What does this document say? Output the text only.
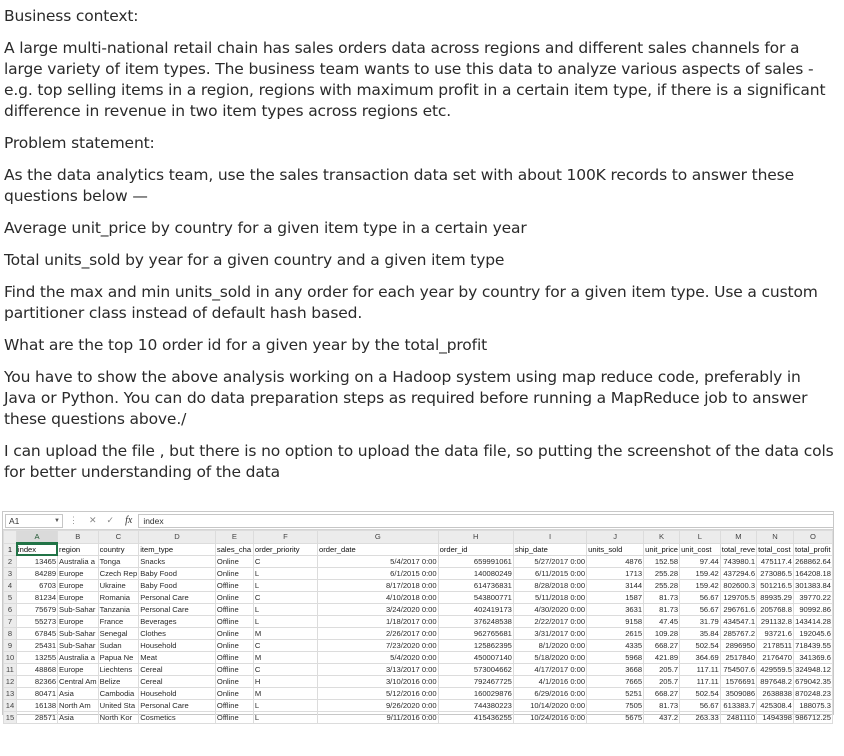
Business context:

A large multi-national retail chain has sales orders data across regions and different sales channels for a large variety of item types. The business team wants to use this data to analyze various aspects of sales - e.g. top selling items in a region, regions with maximum profit in a certain item type, if there is a significant difference in revenue in two item types across regions etc.

Problem statement:

As the data analytics team, use the sales transaction data set with about 100K records to answer these questions below —

Average unit_price by country for a given item type in a certain year

Total units_sold by year for a given country and a given item type

Find the max and min units_sold in any order for each year by country for a given item type. Use a custom partitioner class instead of default hash based.

What are the top 10 order id for a given year by the total_profit

You have to show the above analysis working on a Hadoop system using map reduce code, preferably in Java or Python. You can do data preparation steps as required before running a MapReduce job to answer these questions above./

I can upload the file , but there is no option to upload the data file, so putting the screenshot of the data cols for better understanding of the data

A1	▼ ⋮ ✕ ✓ fx index
	A	B	C	D	E	F	G	H	I	J	K	L	M	N	O
1	index	region	country	item_type	sales_cha	order_priority	order_date	order_id	ship_date	units_sold	unit_price	unit_cost	total_reve	total_cost	total_profit
2	13465	Australia a	Tonga	Snacks	Online	C	5/4/2017 0:00	659991061	5/27/2017 0:00	4876	152.58	97.44	743980.1	475117.4	268862.64
3	84289	Europe	Czech Rep	Baby Food	Online	L	6/1/2015 0:00	140080249	6/11/2015 0:00	1713	255.28	159.42	437294.6	273086.5	164208.18
4	6703	Europe	Ukraine	Baby Food	Offline	L	8/17/2018 0:00	614736831	8/28/2018 0:00	3144	255.28	159.42	802600.3	501216.5	301383.84
5	81234	Europe	Romania	Personal Care	Online	C	4/10/2018 0:00	543800771	5/11/2018 0:00	1587	81.73	56.67	129705.5	89935.29	39770.22
6	75679	Sub-Sahar	Tanzania	Personal Care	Offline	L	3/24/2020 0:00	402419173	4/30/2020 0:00	3631	81.73	56.67	296761.6	205768.8	90992.86
7	55273	Europe	France	Beverages	Offline	L	1/18/2017 0:00	376248538	2/22/2017 0:00	9158	47.45	31.79	434547.1	291132.8	143414.28
8	67845	Sub-Sahar	Senegal	Clothes	Online	M	2/26/2017 0:00	962765681	3/31/2017 0:00	2615	109.28	35.84	285767.2	93721.6	192045.6
9	25431	Sub-Sahar	Sudan	Household	Online	C	7/23/2020 0:00	125862395	8/1/2020 0:00	4335	668.27	502.54	2896950	2178511	718439.55
10	13255	Australia a	Papua Ne	Meat	Offline	M	5/4/2020 0:00	450007140	5/18/2020 0:00	5968	421.89	364.69	2517840	2176470	341369.6
11	48868	Europe	Liechtens	Cereal	Offline	C	3/13/2017 0:00	573004662	4/17/2017 0:00	3668	205.7	117.11	754507.6	429559.5	324948.12
12	82366	Central Am	Belize	Cereal	Online	H	3/10/2016 0:00	792467725	4/1/2016 0:00	7665	205.7	117.11	1576691	897648.2	679042.35
13	80471	Asia	Cambodia	Household	Online	M	5/12/2016 0:00	160029876	6/29/2016 0:00	5251	668.27	502.54	3509086	2638838	870248.23
14	16138	North Am	United Sta	Personal Care	Offline	L	9/26/2020 0:00	744380223	10/14/2020 0:00	7505	81.73	56.67	613383.7	425308.4	188075.3
15	28571	Asia	North Kor	Cosmetics	Offline	L	9/11/2016 0:00	415436255	10/24/2016 0:00	5675	437.2	263.33	2481110	1494398	986712.25
